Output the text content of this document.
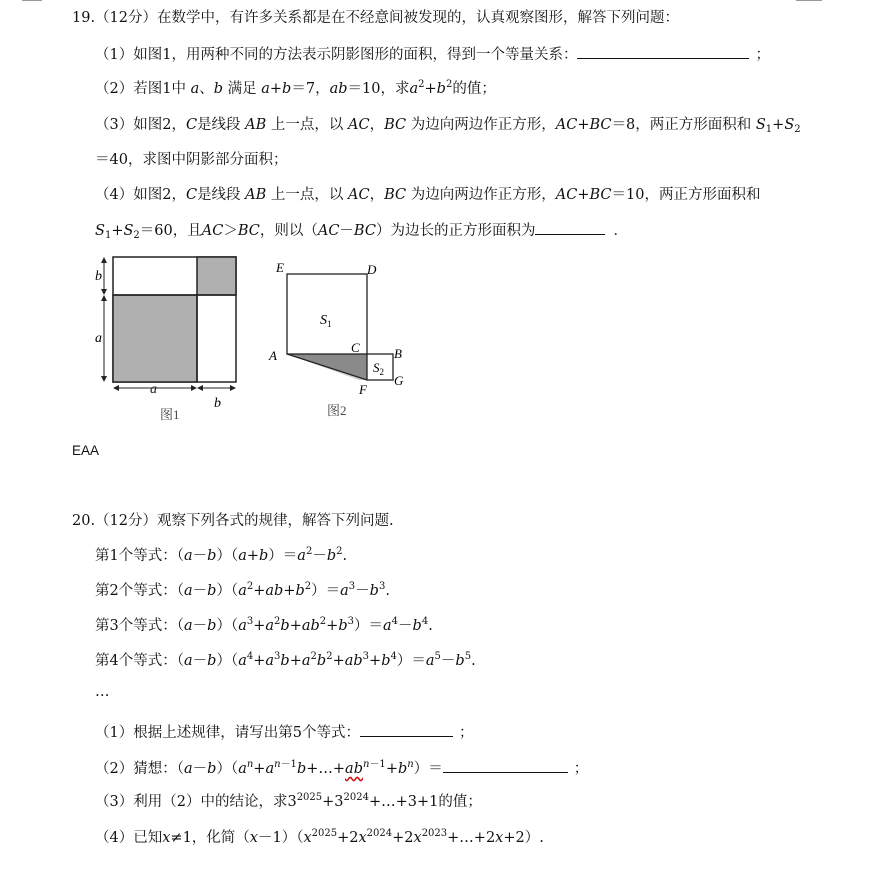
19.（12分）在数学中，有许多关系都是在不经意间被发现的，认真观察图形，解答下列问题：
（1）如图1，用两种不同的方法表示阴影图形的面积，得到一个等量关系：	；
（2）若图1中 a、b 满足 a+b＝7，ab＝10，求$a^2+b^2$的值；
（3）如图2，C是线段 AB 上一点，以 AC，BC 为边向两边作正方形，AC+BC＝8，两正方形面积和 $S_1+S_2$
＝40，求图中阴影部分面积；
（4）如图2，C是线段 AB 上一点，以 AC，BC 为边向两边作正方形，AC+BC＝10，两正方形面积和
$S_1+S_2=60$，且AC＞BC，则以（AC－BC）为边长的正方形面积为	．
b
a
a
b
图1
E	D
A
C	B
G
F
$S_1$
$S_2$
图2
EAA
20.（12分）观察下列各式的规律，解答下列问题.
第1个等式：$(a-b)(a+b)=a^2-b^2$.
第2个等式：$(a-b)(a^2+ab+b^2)=a^3-b^3$.
第3个等式：$(a-b)(a^3+a^2b+ab^2+b^3)=a^4-b^4$.
第4个等式：$(a-b)(a^4+a^3b+a^2b^2+ab^3+b^4)=a^5-b^5$.
…
（1）根据上述规律，请写出第5个等式：	；
（2）猜想：$(a-b)(a^n+a^{n-1}b+\dots+ab^{n-1}+b^n)=$	；
（3）利用（2）中的结论，求$3^{2025}+3^{2024}+\dots+3+1$的值；
（4）已知x≠1，化简$(x-1)(x^{2025}+2x^{2024}+2x^{2023}+\dots+2x+2)$.
